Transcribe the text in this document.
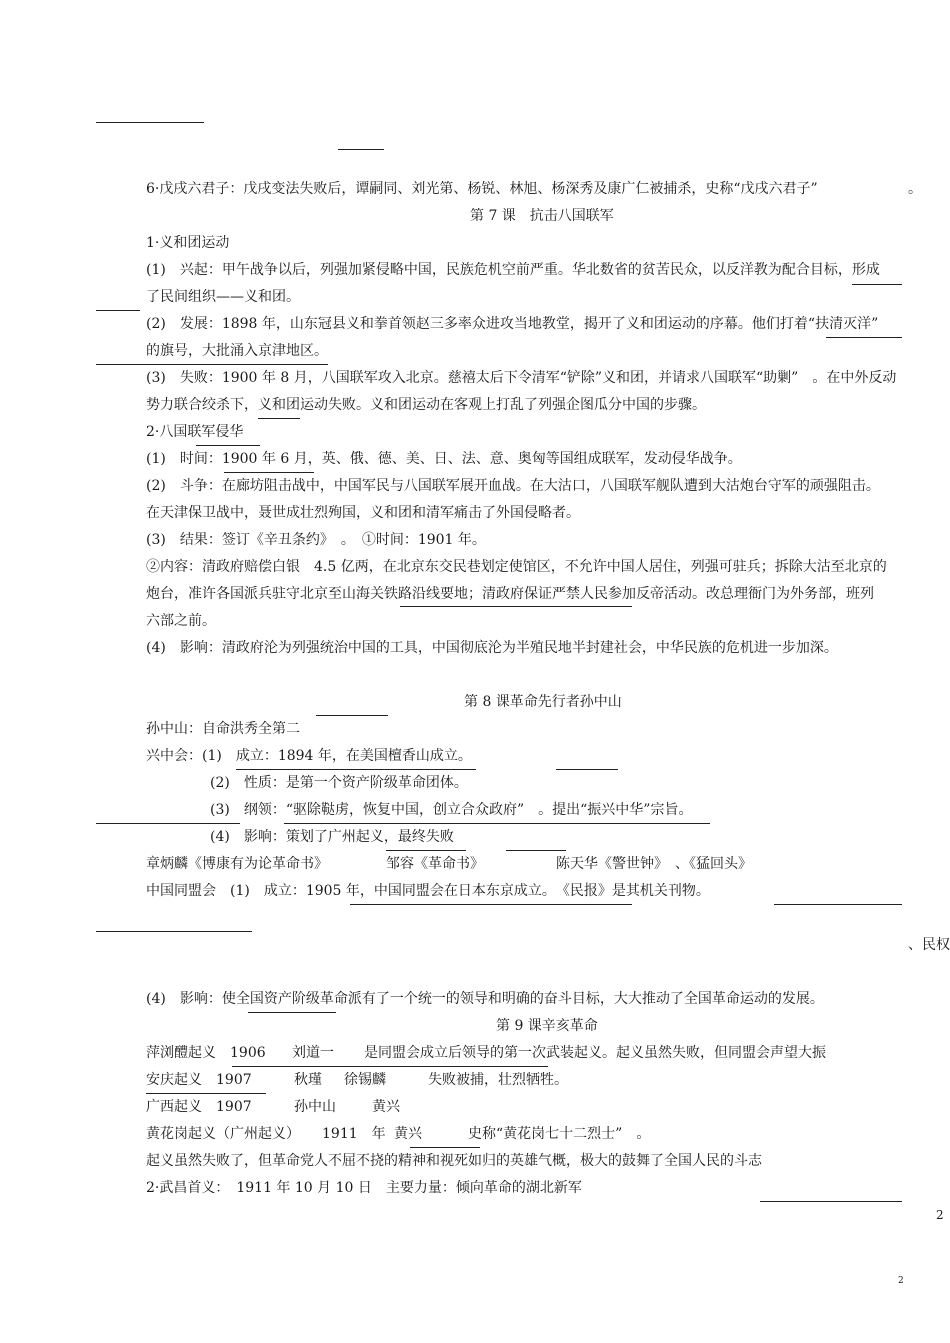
6·戊戌六君子：戊戌变法失败后，谭嗣同、刘光第、杨锐、林旭、杨深秀及康广仁被捕杀，史称“戊戌六君子”	。
第 7 课　抗击八国联军
1·义和团运动
(1)　兴起：甲午战争以后，列强加紧侵略中国，民族危机空前严重。华北数省的贫苦民众，以反洋教为配合目标，形成
了民间组织——义和团。
(2)　发展：1898 年，山东冠县义和拳首领赵三多率众进攻当地教堂，揭开了义和团运动的序幕。他们打着“扶清灭洋”
的旗号，大批涌入京津地区。
(3)　失败：1900 年 8 月，八国联军攻入北京。慈禧太后下令清军“铲除”义和团，并请求八国联军“助剿”　。在中外反动
势力联合绞杀下，义和团运动失败。义和团运动在客观上打乱了列强企图瓜分中国的步骤。
2·八国联军侵华
(1)　时间：1900 年 6 月，英、俄、德、美、日、法、意、奥匈等国组成联军，发动侵华战争。
(2)　斗争：在廊坊阻击战中，中国军民与八国联军展开血战。在大沽口，八国联军舰队遭到大沽炮台守军的顽强阻击。
在天津保卫战中，聂世成壮烈殉国，义和团和清军痛击了外国侵略者。
(3)　结果：签订《辛丑条约》　。　①时间：1901 年。
②内容：清政府赔偿白银　4.5 亿两，在北京东交民巷划定使馆区，不允许中国人居住，列强可驻兵；拆除大沽至北京的
炮台，准许各国派兵驻守北京至山海关铁路沿线要地；清政府保证严禁人民参加反帝活动。改总理衙门为外务部，班列
六部之前。
(4)　影响：清政府沦为列强统治中国的工具，中国彻底沦为半殖民地半封建社会，中华民族的危机进一步加深。
第 8 课革命先行者孙中山
孙中山：自命洪秀全第二
兴中会：(1)　成立：1894 年，在美国檀香山成立。
(2)　性质：是第一个资产阶级革命团体。
(3)　纲领：“驱除鞑虏，恢复中国，创立合众政府”　。提出“振兴中华”宗旨。
(4)　影响：策划了广州起义，最终失败
章炳麟《博康有为论革命书》	邹容《革命书》	陈天华《警世钟》　、《猛回头》
中国同盟会　(1)　成立：1905 年，中国同盟会在日本东京成立。　《民报》是其机关刊物。
、民权
(4)　影响：使全国资产阶级革命派有了一个统一的领导和明确的奋斗目标，大大推动了全国革命运动的发展。
第 9 课辛亥革命
萍浏醴起义　1906 刘道一 是同盟会成立后领导的第一次武装起义。起义虽然失败，但同盟会声望大振
安庆起义　1907	秋瑾 徐锡麟	失败被捕，壮烈牺牲。
广西起义　1907	孙中山	黄兴
黄花岗起义（广州起义） 1911　年 黄兴	史称“黄花岗七十二烈士”　。
起义虽然失败了，但革命党人不屈不挠的精神和视死如归的英雄气概，极大的鼓舞了全国人民的斗志
2·武昌首义：　1911 年 10 月 10 日　主要力量：倾向革命的湖北新军
2
2
